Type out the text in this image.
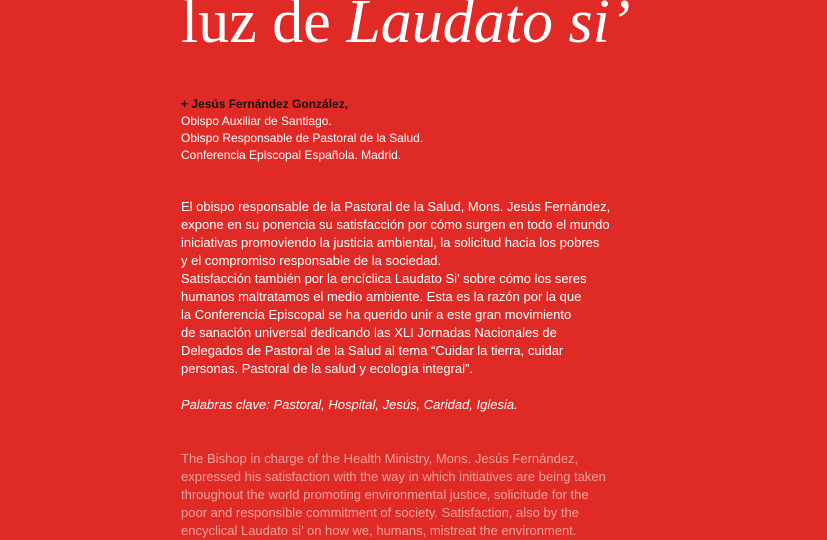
luz de Laudato si’
+ Jesús Fernández González,
Obispo Auxiliar de Santiago.
Obispo Responsable de Pastoral de la Salud.
Conferencia Episcopal Española. Madrid.

El obispo responsable de la Pastoral de la Salud, Mons. Jesús Fernández,
expone en su ponencia su satisfacción por cómo surgen en todo el mundo
iniciativas promoviendo la justicia ambiental, la solicitud hacia los pobres
y el compromiso responsable de la sociedad.
Satisfacción también por la encíclica Laudato Si’ sobre cómo los seres
humanos maltratamos el medio ambiente. Esta es la razón por la que
la Conferencia Episcopal se ha querido unir a este gran movimiento
de sanación universal dedicando las XLI Jornadas Nacionales de
Delegados de Pastoral de la Salud al tema “Cuidar la tierra, cuidar
personas. Pastoral de la salud y ecología integral”.

Palabras clave: Pastoral, Hospital, Jesús, Caridad, Iglesia.

The Bishop in charge of the Health Ministry, Mons. Jesús Fernández,
expressed his satisfaction with the way in which initiatives are being taken
throughout the world promoting environmental justice, solicitude for the
poor and responsible commitment of society. Satisfaction, also by the
encyclical Laudato si’ on how we, humans, mistreat the environment.
